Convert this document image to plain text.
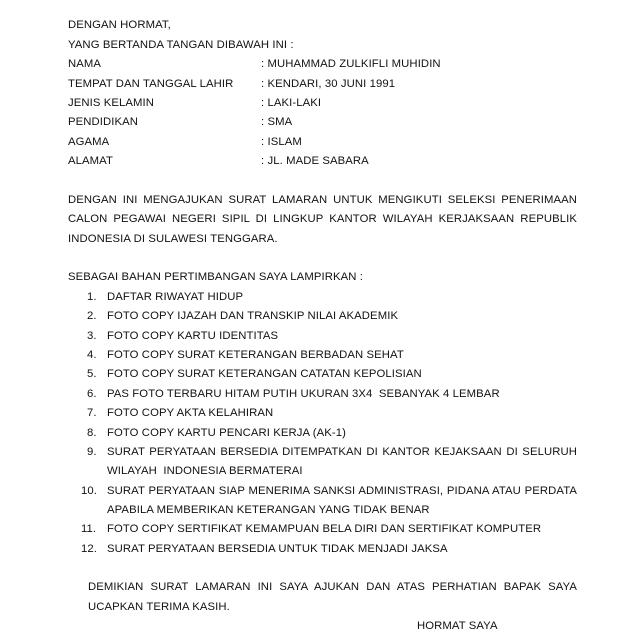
DENGAN HORMAT,
YANG BERTANDA TANGAN DIBAWAH INI :
NAMA	: MUHAMMAD ZULKIFLI MUHIDIN
TEMPAT DAN TANGGAL LAHIR : KENDARI, 30 JUNI 1991
JENIS KELAMIN	: LAKI-LAKI
PENDIDIKAN	: SMA
AGAMA	: ISLAM
ALAMAT	: JL. MADE SABARA
DENGAN INI MENGAJUKAN SURAT LAMARAN UNTUK MENGIKUTI SELEKSI PENERIMAAN
CALON PEGAWAI NEGERI SIPIL DI LINGKUP KANTOR WILAYAH KERJAKSAAN REPUBLIK
INDONESIA DI SULAWESI TENGGARA.
SEBAGAI BAHAN PERTIMBANGAN SAYA LAMPIRKAN :
1. DAFTAR RIWAYAT HIDUP
2. FOTO COPY IJAZAH DAN TRANSKIP NILAI AKADEMIK
3. FOTO COPY KARTU IDENTITAS
4. FOTO COPY SURAT KETERANGAN BERBADAN SEHAT
5. FOTO COPY SURAT KETERANGAN CATATAN KEPOLISIAN
6. PAS FOTO TERBARU HITAM PUTIH UKURAN 3X4  SEBANYAK 4 LEMBAR
7. FOTO COPY AKTA KELAHIRAN
8. FOTO COPY KARTU PENCARI KERJA (AK-1)
9. SURAT PERYATAAN BERSEDIA DITEMPATKAN DI KANTOR KEJAKSAAN DI SELURUH
WILAYAH  INDONESIA BERMATERAI
10. SURAT PERYATAAN SIAP MENERIMA SANKSI ADMINISTRASI, PIDANA ATAU PERDATA
APABILA MEMBERIKAN KETERANGAN YANG TIDAK BENAR
11. FOTO COPY SERTIFIKAT KEMAMPUAN BELA DIRI DAN SERTIFIKAT KOMPUTER
12. SURAT PERYATAAN BERSEDIA UNTUK TIDAK MENJADI JAKSA
DEMIKIAN SURAT LAMARAN INI SAYA AJUKAN DAN ATAS PERHATIAN BAPAK SAYA
UCAPKAN TERIMA KASIH.
HORMAT SAYA
